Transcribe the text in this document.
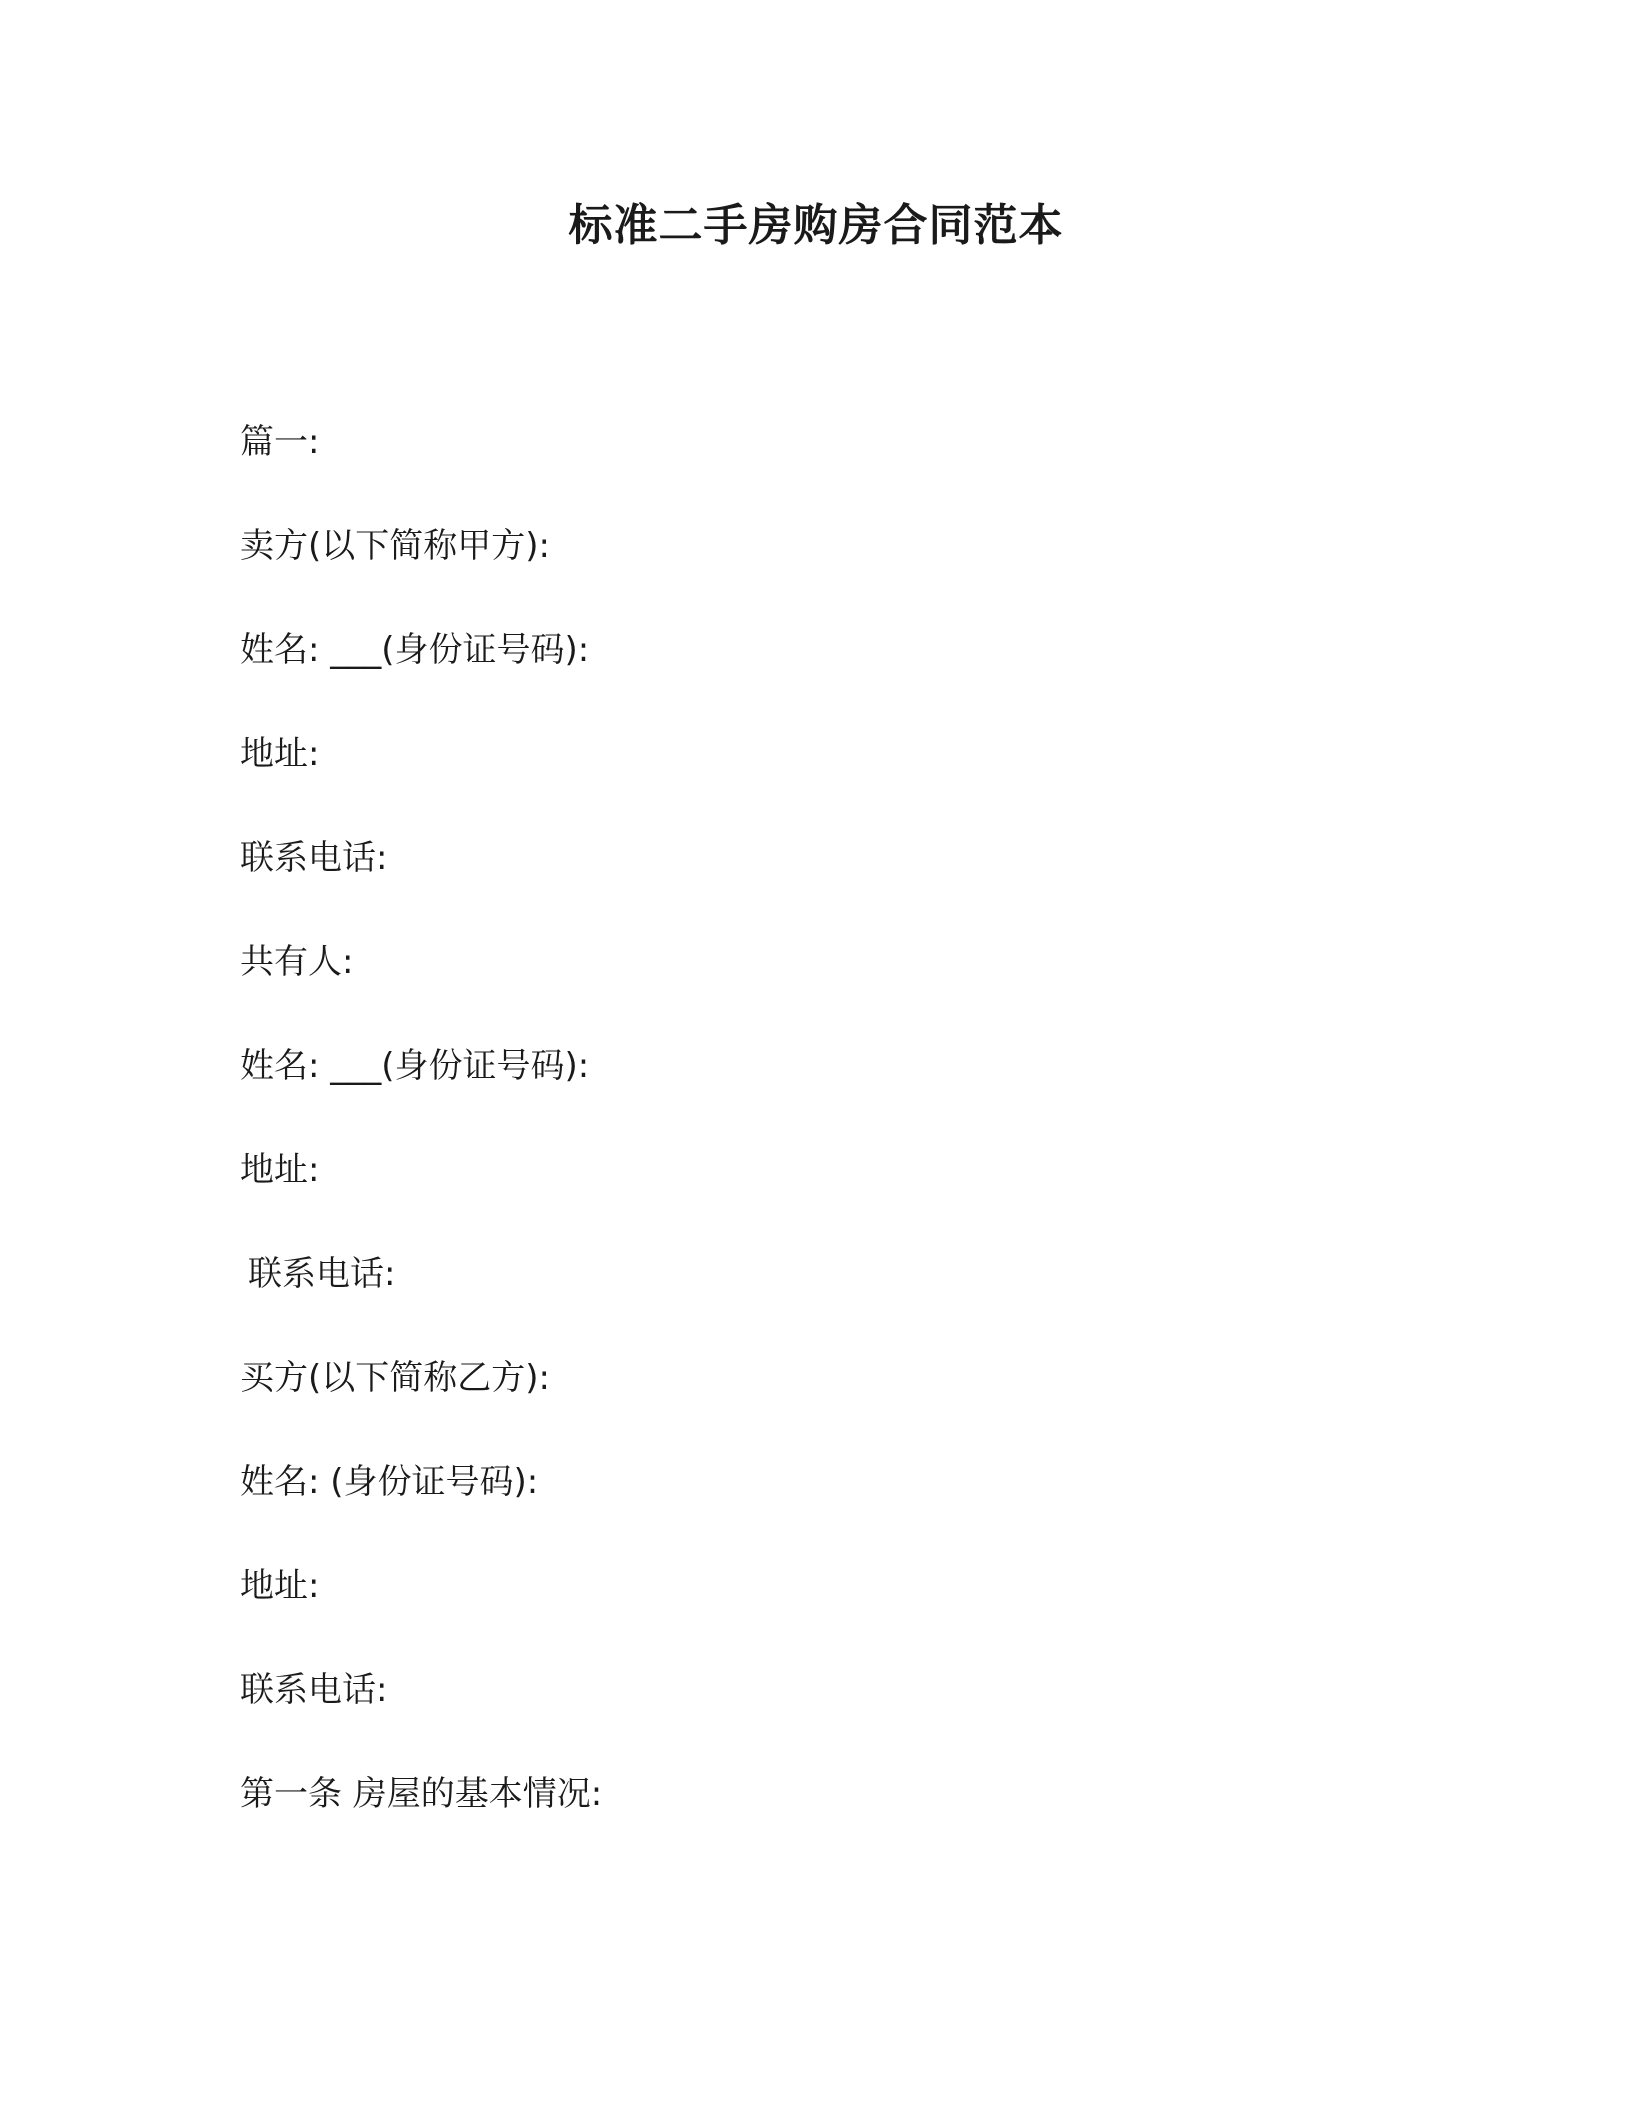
标准二手房购房合同范本
篇一:
卖方(以下简称甲方):
姓名: ___(身份证号码):
地址:
联系电话:
共有人:
姓名: ___(身份证号码):
地址:
联系电话:
买方(以下简称乙方):
姓名: (身份证号码):
地址:
联系电话:
第一条 房屋的基本情况:
